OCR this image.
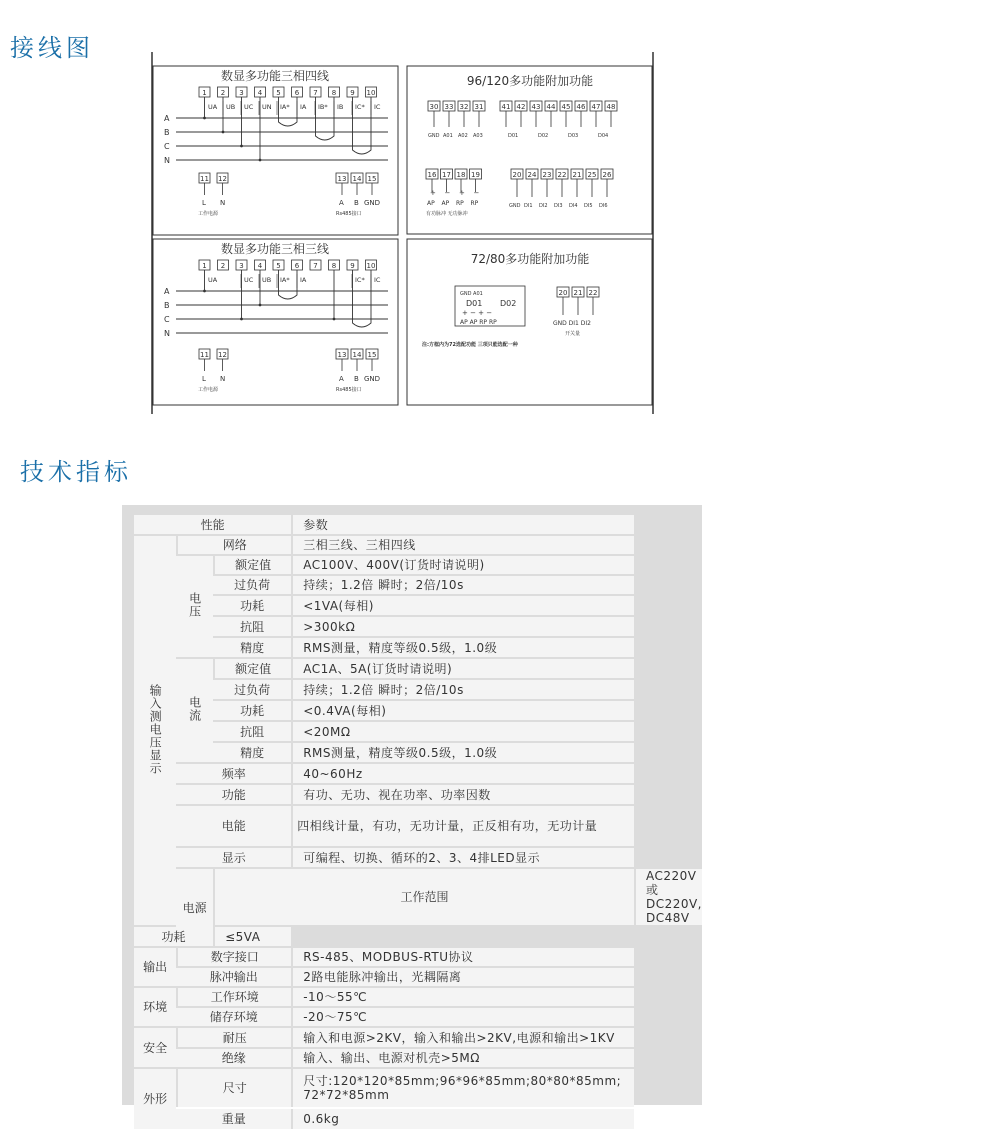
接线图
数显多功能三相四线
1 2 3 4 5 6 7 8 9 10
UA UB UC UN IA* IA IB* IB IC* IC
A
B
C
N
11 12
L N
工作电源
13 14 15
A B GND
Rs485接口
数显多功能三相三线
1 2 3 4 5 6 7 8 9 10
UA	UC UB IA* IA	IC* IC
A
B
C
N
11 12
L N
工作电源
13 14 15
A B GND
Rs485接口
96/120多功能附加功能
30 33 32 31
GND A01 A02 A03
41 42 43 44 45 46 47 48
D01	D02	D03	D04
16
+
AP
17
−
AP
18
+
RP
19
−
RP
20 24 23 22 21 25 26
GND DI1 DI2 DI3 DI4 DI5 DI6
有功脉冲 无功脉冲
72/80多功能附加功能
GND A01
D01 D02
+ − + −
AP AP RP RP
20 21 22
GND DI1 DI2
开关量
注:方框内为72选配功能 三项只能选配一种
技术指标
性能			参数	
输入测电压显示	网络		三相三线、三相四线	
	电压	额定值	AC100V、400V(订货时请说明)	
		过负荷	持续；1.2倍 瞬时；2倍/10s	
		功耗	<1VA(每相)	
		抗阻	>300kΩ	
		精度	RMS测量，精度等级0.5级，1.0级	
	电流	额定值	AC1A、5A(订货时请说明)	
		过负荷	持续；1.2倍 瞬时；2倍/10s	
		功耗	<0.4VA(每相)	
		抗阻	<20MΩ	
		精度	RMS测量，精度等级0.5级，1.0级	
	频率		40~60Hz	
	功能		有功、无功、视在功率、功率因数	
	电能		四相线计量，有功，无功计量，正反相有功，无功计量	
	显示		可编程、切换、循环的2、3、4排LED显示	
	电源	工作范围		AC220V或DC220V, DC48V
功耗		≤5VA		
输出	数字接口		RS-485、MODBUS-RTU协议	
	脉冲输出		2路电能脉冲输出，光耦隔离	
环境	工作环境		-10～55℃	
	储存环境		-20～75℃	
安全	耐压		输入和电源>2KV，输入和输出>2KV,电源和输出>1KV	
	绝缘		输入、输出、电源对机壳>5MΩ	
外形	尺寸		尺寸:120*120*85mm;96*96*85mm;80*80*85mm;
72*72*85mm	

	重量		0.6kg	
